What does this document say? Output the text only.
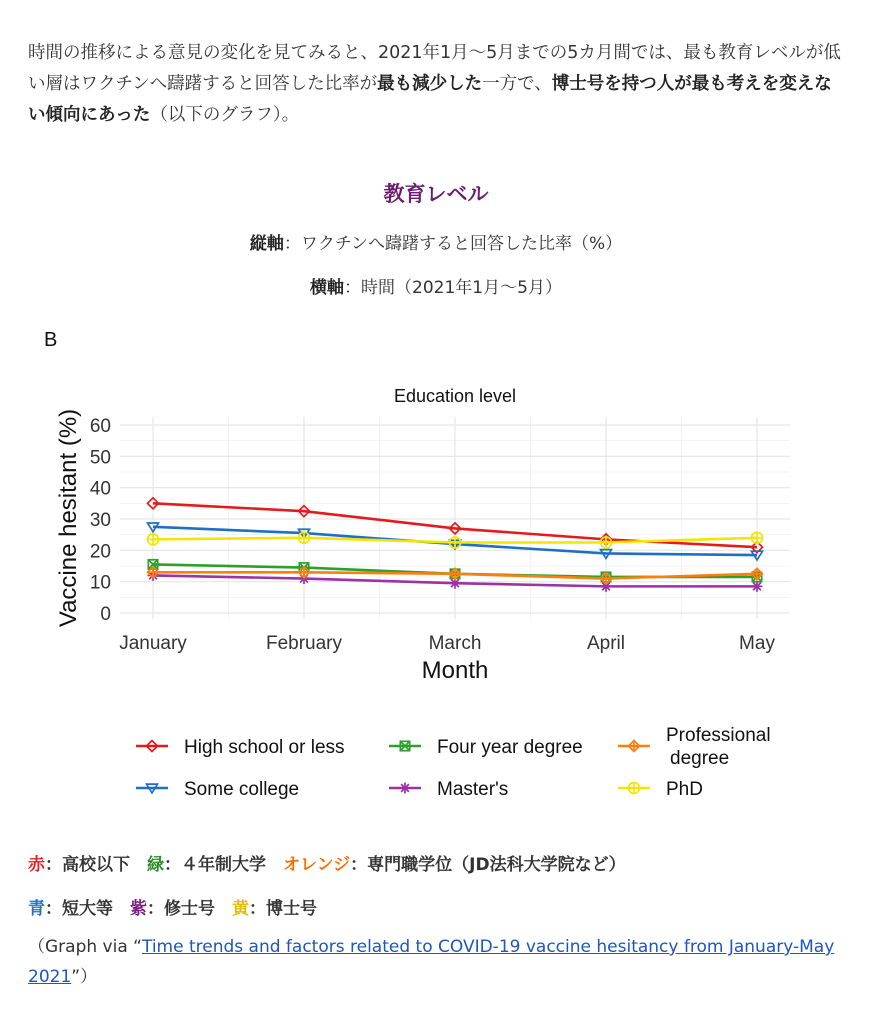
時間の推移による意見の変化を見てみると、2021年1月〜5月までの5カ月間では、最も教育レベルが低い層はワクチンへ躊躇すると回答した比率が最も減少した一方で、博士号を持つ人が最も考えを変えない傾向にあった（以下のグラフ）。
教育レベル
縦軸：ワクチンへ躊躇すると回答した比率（%）
横軸：時間（2021年1月〜5月）
B
Education level
0
10
20
30
40
50
60
January	February	March	April	May
Vaccine hesitant (%)
Month
High school or less	Four year degree
Professional degree
Some college	Master's	PhD
赤：高校以下　緑：４年制大学　オレンジ：専門職学位（JD法科大学院など）
青：短大等　紫：修士号　黄：博士号
（Graph via “Time trends and factors related to COVID-19 vaccine hesitancy from January-May 2021”）
